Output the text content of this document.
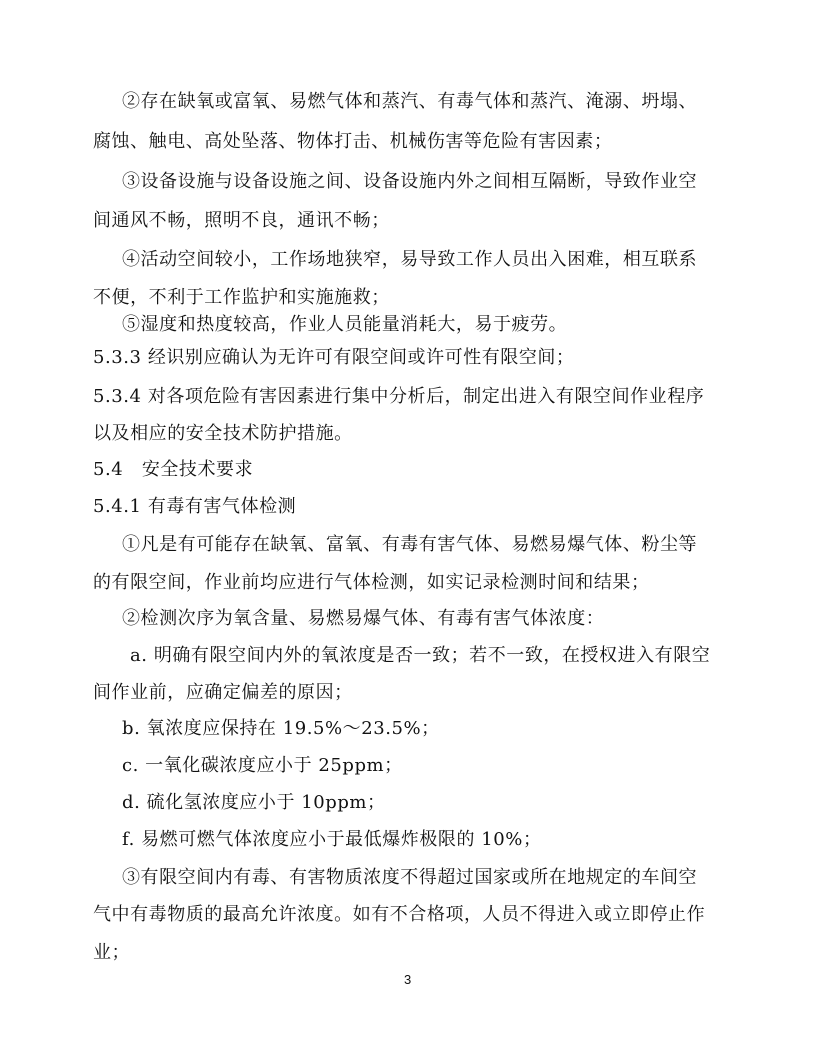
②存在缺氧或富氧、易燃气体和蒸汽、有毒气体和蒸汽、淹溺、坍塌、
腐蚀、触电、高处坠落、物体打击、机械伤害等危险有害因素；
③设备设施与设备设施之间、设备设施内外之间相互隔断，导致作业空
间通风不畅，照明不良，通讯不畅；
④活动空间较小，工作场地狭窄，易导致工作人员出入困难，相互联系
不便，不利于工作监护和实施施救；
⑤湿度和热度较高，作业人员能量消耗大，易于疲劳。
5.3.3 经识别应确认为无许可有限空间或许可性有限空间；
5.3.4 对各项危险有害因素进行集中分析后，制定出进入有限空间作业程序
以及相应的安全技术防护措施。
5.4　安全技术要求
5.4.1 有毒有害气体检测
①凡是有可能存在缺氧、富氧、有毒有害气体、易燃易爆气体、粉尘等
的有限空间，作业前均应进行气体检测，如实记录检测时间和结果；
②检测次序为氧含量、易燃易爆气体、有毒有害气体浓度：
a. 明确有限空间内外的氧浓度是否一致；若不一致，在授权进入有限空
间作业前，应确定偏差的原因；
b. 氧浓度应保持在 19.5%～23.5%；
c. 一氧化碳浓度应小于 25ppm；
d. 硫化氢浓度应小于 10ppm；
f. 易燃可燃气体浓度应小于最低爆炸极限的 10%；
③有限空间内有毒、有害物质浓度不得超过国家或所在地规定的车间空
气中有毒物质的最高允许浓度。如有不合格项，人员不得进入或立即停止作
业；
3
